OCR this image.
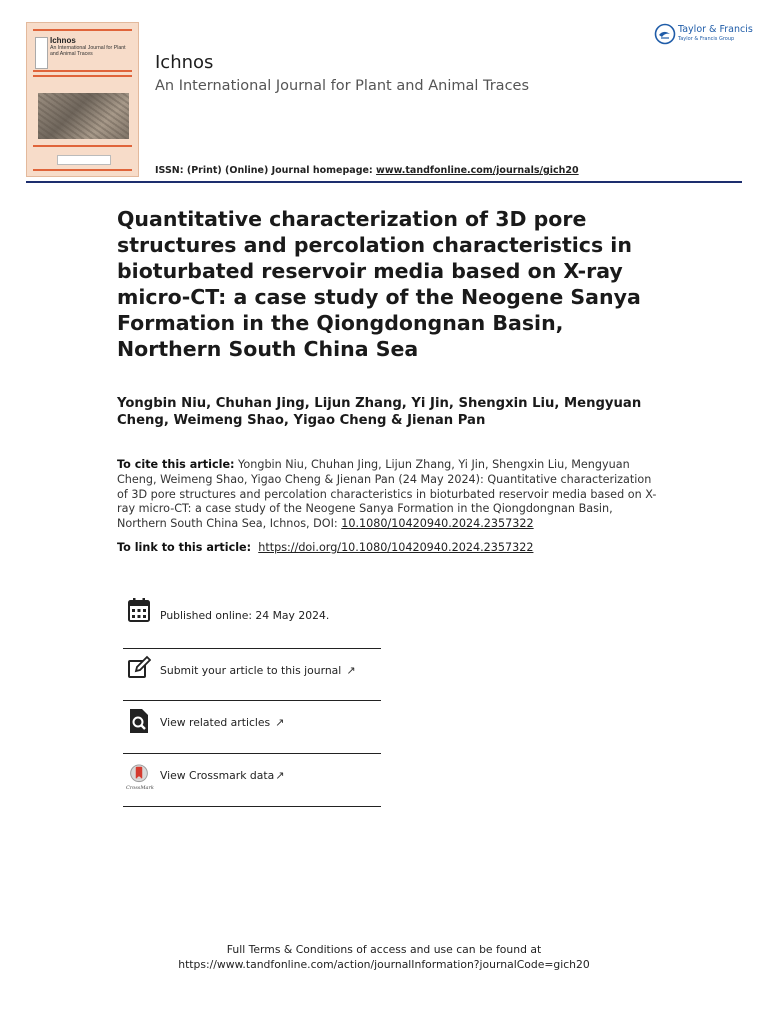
Ichnos
An International Journal for Plant and Animal Traces	Ichnos
An International Journal for Plant and Animal Traces
ISSN: (Print) (Online) Journal homepage: www.tandfonline.com/journals/gich20
Taylor & Francis
Taylor & Francis Group
Quantitative characterization of 3D pore structures and percolation characteristics in bioturbated reservoir media based on X-ray micro-CT: a case study of the Neogene Sanya Formation in the Qiongdongnan Basin, Northern South China Sea

Yongbin Niu, Chuhan Jing, Lijun Zhang, Yi Jin, Shengxin Liu, Mengyuan Cheng, Weimeng Shao, Yigao Cheng & Jienan Pan

To cite this article: Yongbin Niu, Chuhan Jing, Lijun Zhang, Yi Jin, Shengxin Liu, Mengyuan Cheng, Weimeng Shao, Yigao Cheng & Jienan Pan (24 May 2024): Quantitative characterization of 3D pore structures and percolation characteristics in bioturbated reservoir media based on X-ray micro-CT: a case study of the Neogene Sanya Formation in the Qiongdongnan Basin, Northern South China Sea, Ichnos, DOI: 10.1080/10420940.2024.2357322

To link to this article: https://doi.org/10.1080/10420940.2024.2357322

Published online: 24 May 2024.
Submit your article to this journal ↗
View related articles ↗
CrossMark
View Crossmark data↗
Full Terms & Conditions of access and use can be found at
https://www.tandfonline.com/action/journalInformation?journalCode=gich20
